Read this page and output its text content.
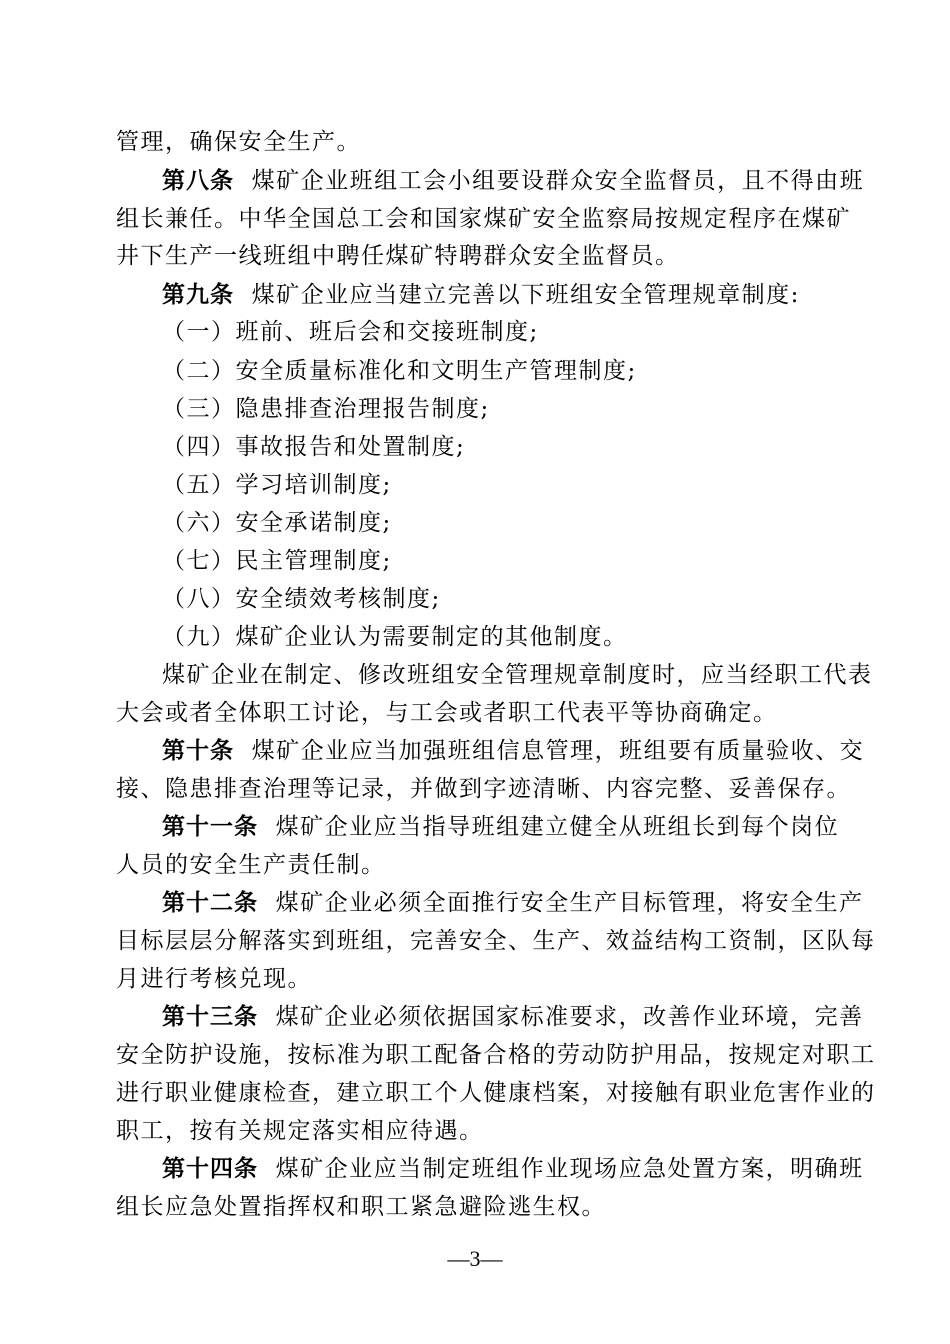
管理，确保安全生产。
第八条 煤矿企业班组工会小组要设群众安全监督员，且不得由班
组长兼任。中华全国总工会和国家煤矿安全监察局按规定程序在煤矿
井下生产一线班组中聘任煤矿特聘群众安全监督员。
第九条 煤矿企业应当建立完善以下班组安全管理规章制度:
（一）班前、班后会和交接班制度;
（二）安全质量标准化和文明生产管理制度;
（三）隐患排查治理报告制度;
（四）事故报告和处置制度;
（五）学习培训制度;
（六）安全承诺制度;
（七）民主管理制度;
（八）安全绩效考核制度;
（九）煤矿企业认为需要制定的其他制度。
煤矿企业在制定、修改班组安全管理规章制度时，应当经职工代表
大会或者全体职工讨论，与工会或者职工代表平等协商确定。
第十条 煤矿企业应当加强班组信息管理，班组要有质量验收、交
接、隐患排查治理等记录，并做到字迹清晰、内容完整、妥善保存。
第十一条 煤矿企业应当指导班组建立健全从班组长到每个岗位
人员的安全生产责任制。
第十二条 煤矿企业必须全面推行安全生产目标管理，将安全生产
目标层层分解落实到班组，完善安全、生产、效益结构工资制，区队每
月进行考核兑现。
第十三条 煤矿企业必须依据国家标准要求，改善作业环境，完善
安全防护设施，按标准为职工配备合格的劳动防护用品，按规定对职工
进行职业健康检查，建立职工个人健康档案，对接触有职业危害作业的
职工，按有关规定落实相应待遇。
第十四条 煤矿企业应当制定班组作业现场应急处置方案，明确班
组长应急处置指挥权和职工紧急避险逃生权。
—3—
